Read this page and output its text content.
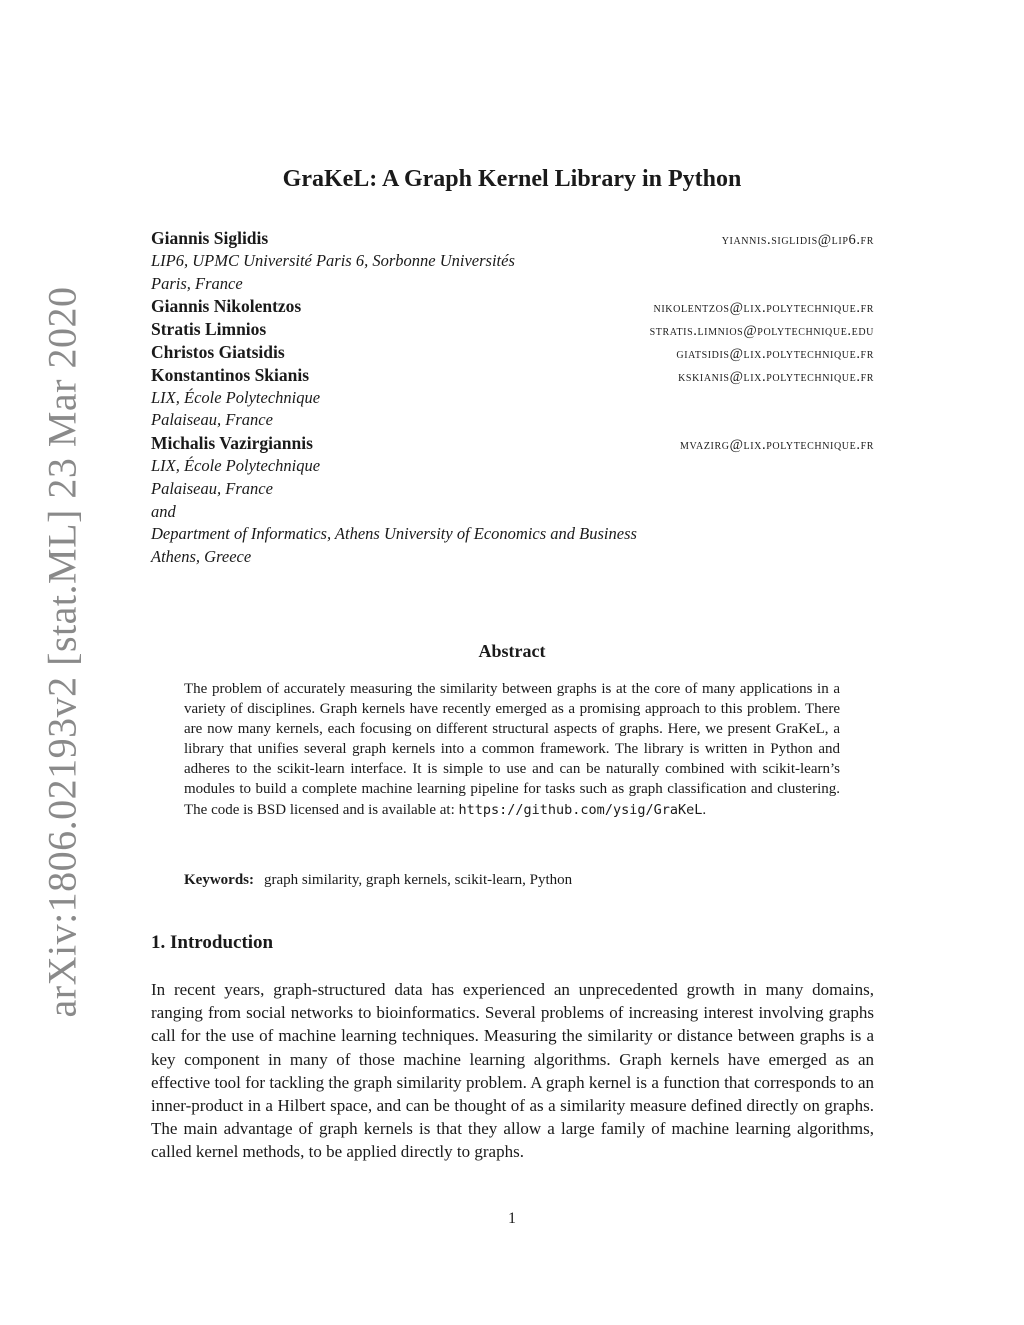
arXiv:1806.02193v2 [stat.ML] 23 Mar 2020
GraKeL: A Graph Kernel Library in Python
Giannis Siglidis	yiannis.siglidis@lip6.fr
LIP6, UPMC Université Paris 6, Sorbonne Universités
Paris, France
Giannis Nikolentzos	nikolentzos@lix.polytechnique.fr
Stratis Limnios	stratis.limnios@polytechnique.edu
Christos Giatsidis	giatsidis@lix.polytechnique.fr
Konstantinos Skianis	kskianis@lix.polytechnique.fr
LIX, École Polytechnique
Palaiseau, France
Michalis Vazirgiannis	mvazirg@lix.polytechnique.fr
LIX, École Polytechnique
Palaiseau, France
and
Department of Informatics, Athens University of Economics and Business
Athens, Greece
Abstract
The problem of accurately measuring the similarity between graphs is at the core of many applications in a variety of disciplines. Graph kernels have recently emerged as a promising approach to this problem. There are now many kernels, each focusing on different structural aspects of graphs. Here, we present GraKeL, a library that unifies several graph kernels into a common framework. The library is written in Python and adheres to the scikit-learn interface. It is simple to use and can be naturally combined with scikit-learn’s modules to build a complete machine learning pipeline for tasks such as graph classification and clustering. The code is BSD licensed and is available at: https://github.com/ysig/GraKeL.
Keywords: graph similarity, graph kernels, scikit-learn, Python
1. Introduction
In recent years, graph-structured data has experienced an unprecedented growth in many domains, ranging from social networks to bioinformatics. Several problems of increasing interest involving graphs call for the use of machine learning techniques. Measuring the similarity or distance between graphs is a key component in many of those machine learning algorithms. Graph kernels have emerged as an effective tool for tackling the graph similarity problem. A graph kernel is a function that corresponds to an inner-product in a Hilbert space, and can be thought of as a similarity measure defined directly on graphs. The main advantage of graph kernels is that they allow a large family of machine learning algorithms, called kernel methods, to be applied directly to graphs.
1
